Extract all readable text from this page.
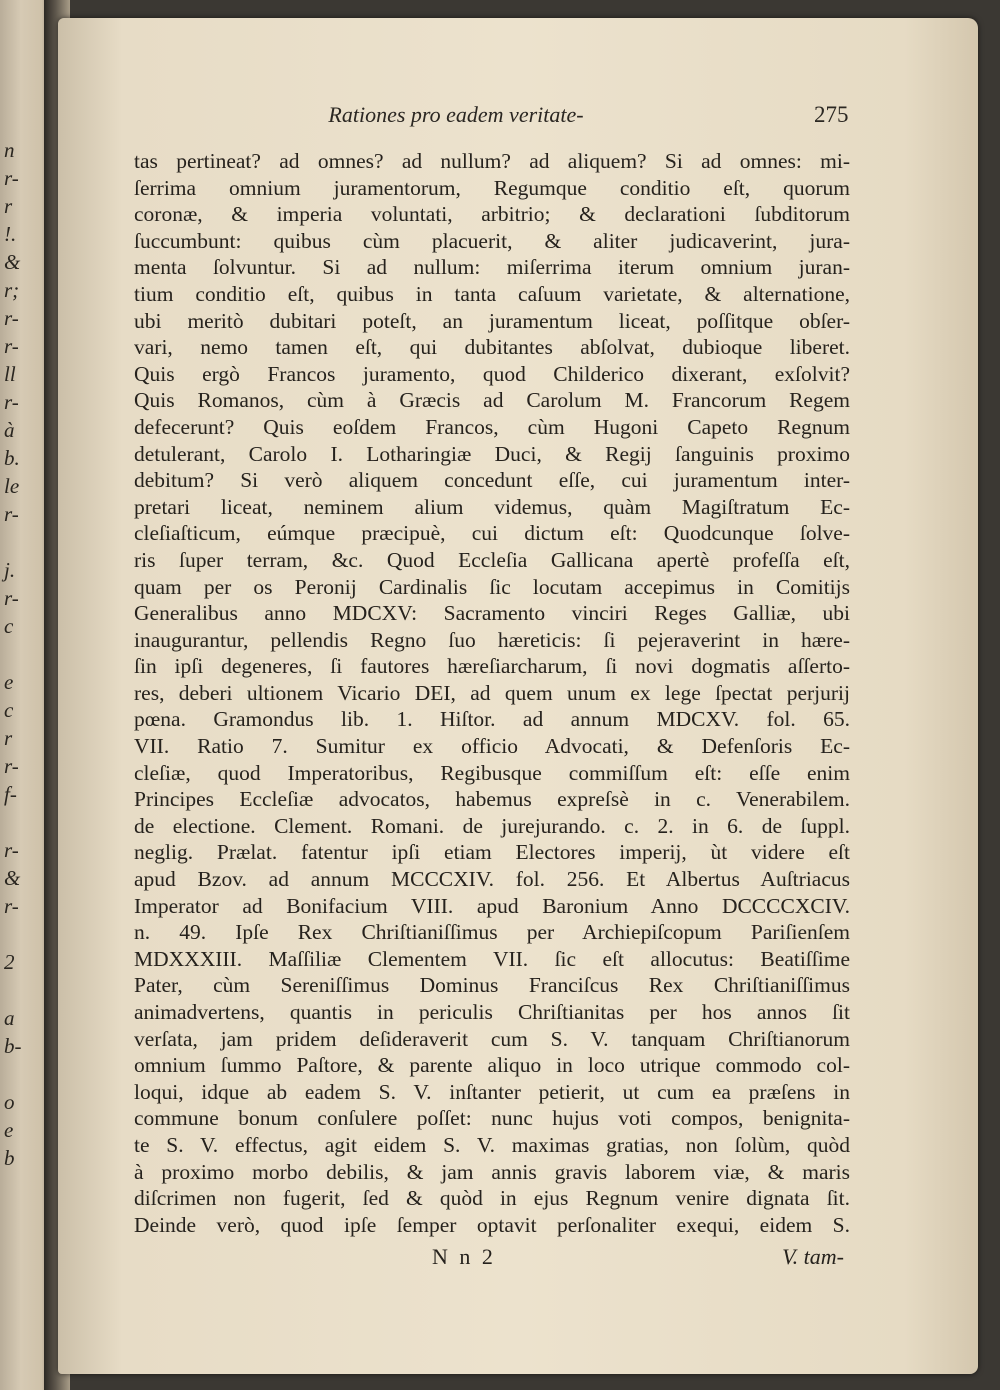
n
r-
r
!.
&
r;
r-
r-
ll
r-
à
b.
le
r-
j.
r-
c
e
c
r
r-
f-
r-
&
r-
2
a
b-
o
e
b
Rationes pro eadem veritate-	275
tas pertineat? ad omnes? ad nullum? ad aliquem? Si ad omnes: mi-
ſerrima omnium juramentorum, Regumque conditio eſt, quorum
coronæ, & imperia voluntati, arbitrio; & declarationi ſubditorum
ſuccumbunt: quibus cùm placuerit, & aliter judicaverint, jura-
menta ſolvuntur. Si ad nullum: miſerrima iterum omnium juran-
tium conditio eſt, quibus in tanta caſuum varietate, & alternatione,
ubi meritò dubitari poteſt, an juramentum liceat, poſſitque obſer-
vari, nemo tamen eſt, qui dubitantes abſolvat, dubioque liberet.
Quis ergò Francos juramento, quod Childerico dixerant, exſolvit?
Quis Romanos, cùm à Græcis ad Carolum M. Francorum Regem
defecerunt? Quis eoſdem Francos, cùm Hugoni Capeto Regnum
detulerant, Carolo I. Lotharingiæ Duci, & Regij ſanguinis proximo
debitum? Si verò aliquem concedunt eſſe, cui juramentum inter-
pretari liceat, neminem alium videmus, quàm Magiſtratum Ec-
cleſiaſticum, eúmque præcipuè, cui dictum eſt: Quodcunque ſolve-
ris ſuper terram, &c. Quod Eccleſia Gallicana apertè profeſſa eſt,
quam per os Peronij Cardinalis ſic locutam accepimus in Comitijs
Generalibus anno MDCXV: Sacramento vinciri Reges Galliæ, ubi
inaugurantur, pellendis Regno ſuo hæreticis: ſi pejeraverint in hære-
ſin ipſi degeneres, ſi fautores hæreſiarcharum, ſi novi dogmatis aſſerto-
res, deberi ultionem Vicario DEI, ad quem unum ex lege ſpectat perjurij
pœna. Gramondus lib. 1. Hiſtor. ad annum MDCXV. fol. 65.
VII. Ratio 7. Sumitur ex officio Advocati, & Defenſoris Ec-
cleſiæ, quod Imperatoribus, Regibusque commiſſum eſt: eſſe enim
Principes Eccleſiæ advocatos, habemus expreſsè in c. Venerabilem.
de electione. Clement. Romani. de jurejurando. c. 2. in 6. de ſuppl.
neglig. Prælat. fatentur ipſi etiam Electores imperij, ùt videre eſt
apud Bzov. ad annum MCCCXIV. fol. 256. Et Albertus Auſtriacus
Imperator ad Bonifacium VIII. apud Baronium Anno DCCCCXCIV.
n. 49. Ipſe Rex Chriſtianiſſimus per Archiepiſcopum Pariſienſem
MDXXXIII. Maſſiliæ Clementem VII. ſic eſt allocutus: Beatiſſime
Pater, cùm Sereniſſimus Dominus Franciſcus Rex Chriſtianiſſimus
animadvertens, quantis in periculis Chriſtianitas per hos annos ſit
verſata, jam pridem deſideraverit cum S. V. tanquam Chriſtianorum
omnium ſummo Paſtore, & parente aliquo in loco utrique commodo col-
loqui, idque ab eadem S. V. inſtanter petierit, ut cum ea præſens in
commune bonum conſulere poſſet: nunc hujus voti compos, benignita-
te S. V. effectus, agit eidem S. V. maximas gratias, non ſolùm, quòd
à proximo morbo debilis, & jam annis gravis laborem viæ, & maris
diſcrimen non fugerit, ſed & quòd in ejus Regnum venire dignata ſit.
Deinde verò, quod ipſe ſemper optavit perſonaliter exequi, eidem S.
N n 2	V. tam-
